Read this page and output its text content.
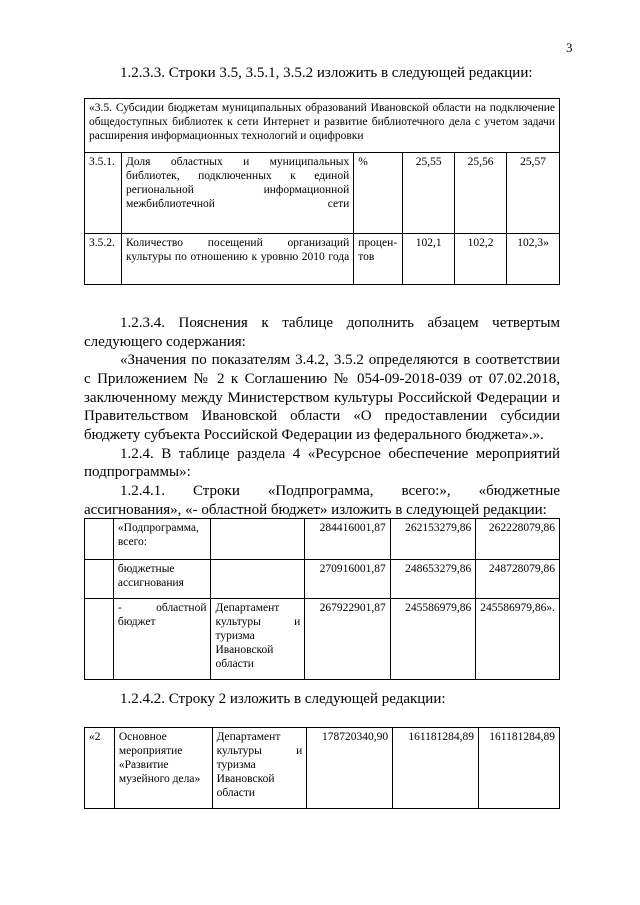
3

1.2.3.3. Строки 3.5, 3.5.1, 3.5.2 изложить в следующей редакции:

«3.5. Субсидии бюджетам муниципальных образований Ивановской области на подключение общедоступных библиотек к сети Интернет и развитие библиотечного дела с учетом задачи расширения информационных технологий и оцифровки					
3.5.1.	Доля областных и муниципальных библиотек, подключенных к единой региональной информационной межбиблиотечной сети	%	25,55	25,56	25,57
3.5.2.	Количество посещений организаций культуры по отношению к уровню 2010 года	процен-тов	102,1	102,2	102,3»

1.2.3.4. Пояснения к таблице дополнить абзацем четвертым

следующего содержания:

«Значения по показателям 3.4.2, 3.5.2 определяются в соответствии

с Приложением № 2 к Соглашению № 054-09-2018-039 от 07.02.2018,

заключенному между Министерством культуры Российской Федерации и

Правительством Ивановской области «О предоставлении субсидии

бюджету субъекта Российской Федерации из федерального бюджета».».

1.2.4. В таблице раздела 4 «Ресурсное обеспечение мероприятий

подпрограммы»:

1.2.4.1. Строки «Подпрограмма, всего:», «бюджетные

ассигнования», «- областной бюджет» изложить в следующей редакции:

	«Подпрограмма, всего:		284416001,87	262153279,86	262228079,86
	бюджетные ассигнования		270916001,87	248653279,86	248728079,86
	- областной бюджет	Департамент культуры и туризма Ивановской области	267922901,87	245586979,86	245586979,86».

1.2.4.2. Строку 2 изложить в следующей редакции:

«2	Основное мероприятие «Развитие музейного дела»	Департамент культуры и туризма Ивановской области	178720340,90	161181284,89	161181284,89
